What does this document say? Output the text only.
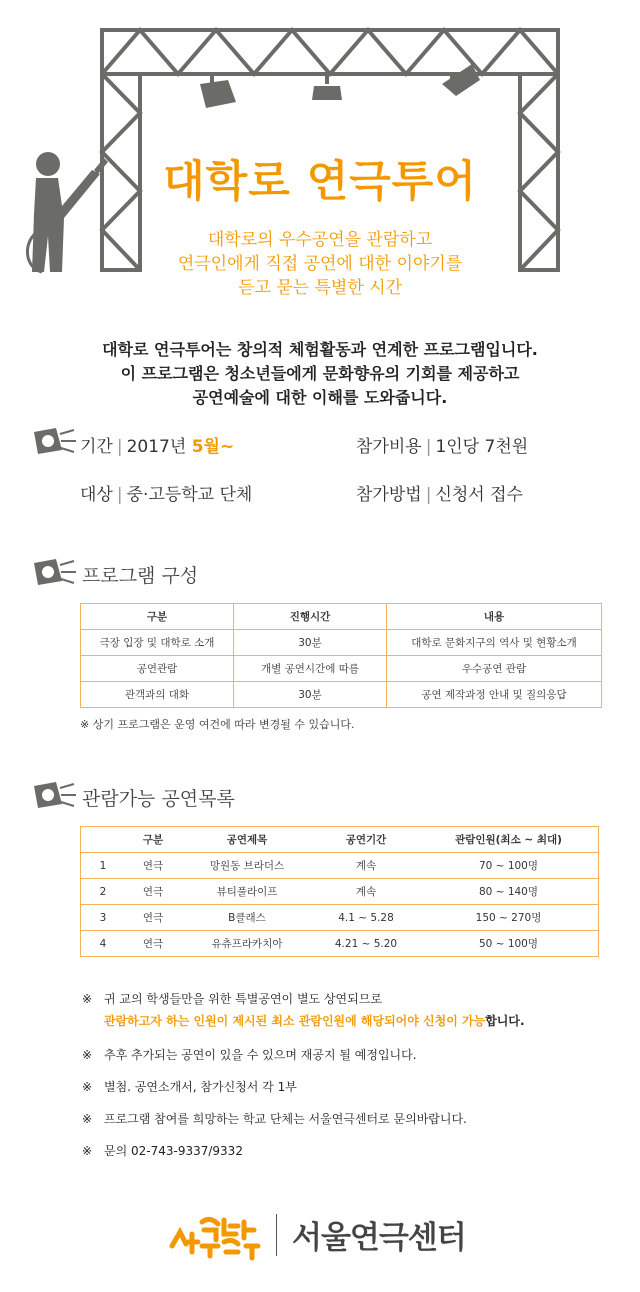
대학로 연극투어
대학로의 우수공연을 관람하고
연극인에게 직접 공연에 대한 이야기를
듣고 묻는 특별한 시간
대학로 연극투어는 창의적 체험활동과 연계한 프로그램입니다.
이 프로그램은 청소년들에게 문화향유의 기회를 제공하고
공연예술에 대한 이해를 도와줍니다.
기간 | 2017년 5월~	참가비용 | 1인당 7천원
대상 | 중·고등학교 단체	참가방법 | 신청서 접수
프로그램 구성
구분	진행시간	내용
극장 입장 및 대학로 소개	30분	대학로 문화지구의 역사 및 현황소개
공연관람	개별 공연시간에 따름	우수공연 관람
관객과의 대화	30분	공연 제작과정 안내 및 질의응답
※ 상기 프로그램은 운영 여건에 따라 변경될 수 있습니다.
관람가능 공연목록
	구분	공연제목	공연기간	관람인원(최소 ~ 최대)
1	연극	망원동 브라더스	계속	70 ~ 100명
2	연극	뷰티풀라이프	계속	80 ~ 140명
3	연극	B클래스	4.1 ~ 5.28	150 ~ 270명
4	연극	유츄프라카치아	4.21 ~ 5.20	50 ~ 100명
※ 귀 교의 학생들만을 위한 특별공연이 별도 상연되므로
관람하고자 하는 인원이 제시된 최소 관람인원에 해당되어야 신청이 가능합니다.
※ 추후 추가되는 공연이 있을 수 있으며 재공지 될 예정입니다.
※ 별첨. 공연소개서, 참가신청서 각 1부
※ 프로그램 참여를 희망하는 학교 단체는 서울연극센터로 문의바랍니다.
※ 문의 02-743-9337/9332
서울연극센터
